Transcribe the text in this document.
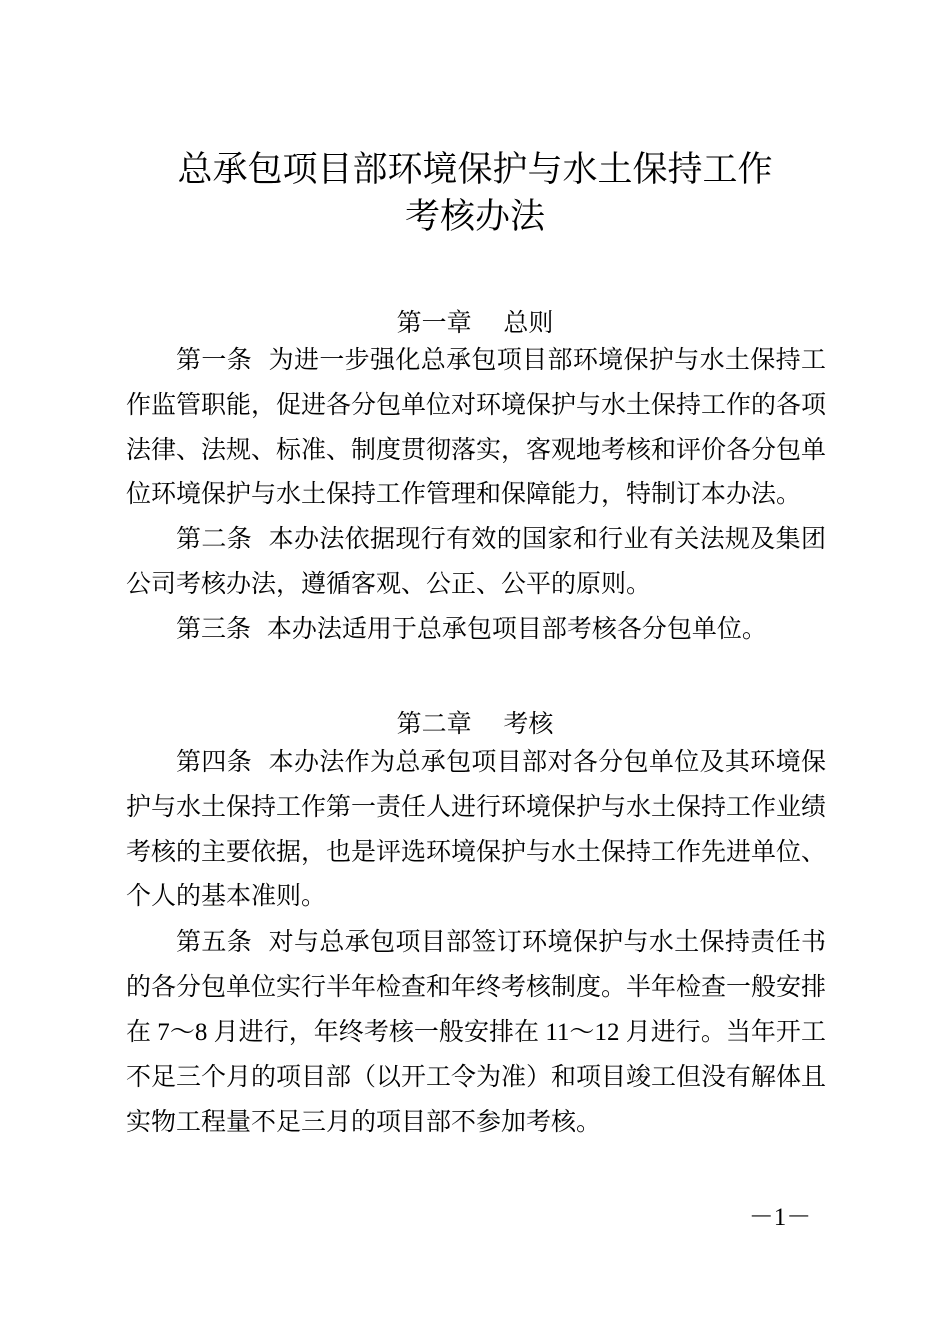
总承包项目部环境保护与水土保持工作
考核办法
第一章    总则

第一条 为进一步强化总承包项目部环境保护与水土保持工作监管职能，促进各分包单位对环境保护与水土保持工作的各项法律、法规、标准、制度贯彻落实，客观地考核和评价各分包单位环境保护与水土保持工作管理和保障能力，特制订本办法。

第二条 本办法依据现行有效的国家和行业有关法规及集团公司考核办法，遵循客观、公正、公平的原则。

第三条 本办法适用于总承包项目部考核各分包单位。

第二章    考核

第四条 本办法作为总承包项目部对各分包单位及其环境保护与水土保持工作第一责任人进行环境保护与水土保持工作业绩考核的主要依据，也是评选环境保护与水土保持工作先进单位、个人的基本准则。

第五条 对与总承包项目部签订环境保护与水土保持责任书的各分包单位实行半年检查和年终考核制度。半年检查一般安排在 7～8 月进行，年终考核一般安排在 11～12 月进行。当年开工不足三个月的项目部（以开工令为准）和项目竣工但没有解体且实物工程量不足三月的项目部不参加考核。

－1－
